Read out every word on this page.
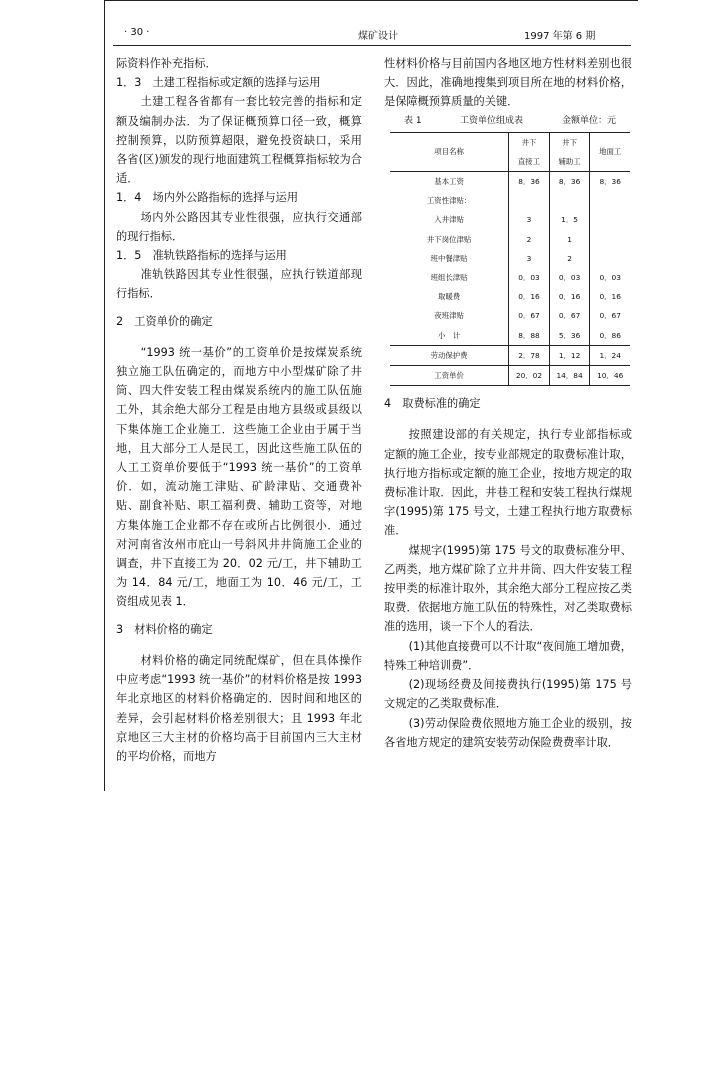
· 30 ·	煤矿设计	1997 年第 6 期

际资料作补充指标．

1．3　土建工程指标或定额的选择与运用

土建工程各省都有一套比较完善的指标和定额及编制办法．为了保证概预算口径一致，概算控制预算，以防预算超限，避免投资缺口，采用各省(区)颁发的现行地面建筑工程概算指标较为合适．

1．4　场内外公路指标的选择与运用

场内外公路因其专业性很强，应执行交通部的现行指标．

1．5　准轨铁路指标的选择与运用

准轨铁路因其专业性很强，应执行铁道部现行指标．

2　工资单价的确定

“1993 统一基价”的工资单价是按煤炭系统独立施工队伍确定的，而地方中小型煤矿除了井筒、四大件安装工程由煤炭系统内的施工队伍施工外，其余绝大部分工程是由地方县级或县级以下集体施工企业施工．这些施工企业由于属于当地，且大部分工人是民工，因此这些施工队伍的人工工资单价要低于“1993 统一基价”的工资单价．如，流动施工津贴、矿龄津贴、交通费补贴、副食补贴、职工福利费、辅助工资等，对地方集体施工企业都不存在或所占比例很小．通过对河南省汝州市庇山一号斜风井井筒施工企业的调查，井下直接工为 20．02 元/工，井下辅助工为 14．84 元/工，地面工为 10．46 元/工，工资组成见表 1．

3　材料价格的确定

材料价格的确定同统配煤矿，但在具体操作中应考虑“1993 统一基价”的材料价格是按 1993 年北京地区的材料价格确定的．因时间和地区的差异，会引起材料价格差别很大；且 1993 年北京地区三大主材的价格均高于目前国内三大主材的平均价格，而地方

性材料价格与目前国内各地区地方性材料差别也很大．因此，准确地搜集到项目所在地的材料价格，是保障概预算质量的关键．

表 1	工资单位组成表	金额单位：元
项目名称	井下	井下	地面工
	直接工	辅助工	
基本工资	8．36	8．36	8．36
工资性津贴：			
入井津贴	3	1．5	
井下岗位津贴	2	1	
班中餐津贴	3	2	
班组长津贴	0．03	0．03	0．03
取暖费	0．16	0．16	0．16
夜班津贴	0．67	0．67	0．67
小　计	8．88	5．36	0．86
劳动保护费	2．78	1．12	1．24
工资单价	20．02	14．84	10．46

4　取费标准的确定

按照建设部的有关规定，执行专业部指标或定额的施工企业，按专业部规定的取费标准计取，执行地方指标或定额的施工企业，按地方规定的取费标准计取．因此，井巷工程和安装工程执行煤规字(1995)第 175 号文，土建工程执行地方取费标准．

煤规字(1995)第 175 号文的取费标准分甲、乙两类，地方煤矿除了立井井筒、四大件安装工程按甲类的标准计取外，其余绝大部分工程应按乙类取费．依据地方施工队伍的特殊性，对乙类取费标准的选用，谈一下个人的看法．

(1)其他直接费可以不计取“夜间施工增加费，特殊工种培训费”．

(2)现场经费及间接费执行(1995)第 175 号文规定的乙类取费标准．

(3)劳动保险费依照地方施工企业的级别，按各省地方规定的建筑安装劳动保险费费率计取．
